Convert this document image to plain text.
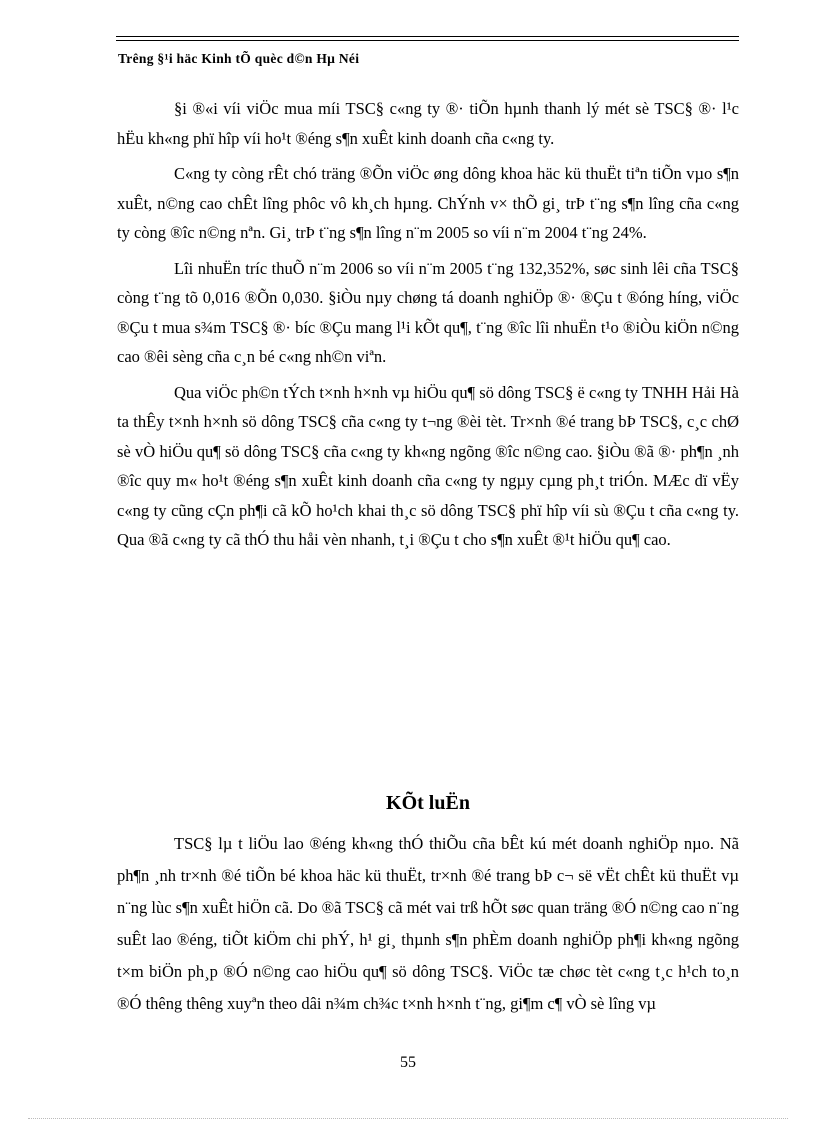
Trêng §¹i häc Kinh tÕ quèc d©n Hµ Néi

§i ®«i víi viÖc mua míi TSC§ c«ng ty ®· tiÕn hµnh thanh lý mét sè TSC§ ®· l¹c hËu kh«ng phï hîp víi ho¹t ®éng s¶n xuÊt kinh doanh cña c«ng ty.

C«ng ty còng rÊt chó träng ®Õn viÖc øng dông khoa häc kü thuËt tiªn tiÕn vµo s¶n xuÊt, n©ng cao chÊt lîng phôc vô kh¸ch hµng. ChÝnh v× thÕ gi¸ trÞ t¨ng s¶n lîng cña c«ng ty còng ®îc n©ng nªn. Gi¸ trÞ t¨ng s¶n lîng n¨m 2005 so víi n¨m 2004 t¨ng 24%.

Lîi nhuËn tríc thuÕ n¨m 2006 so víi n¨m 2005 t¨ng 132,352%, søc sinh lêi cña TSC§ còng t¨ng tõ 0,016 ®Õn 0,030. §iÒu nµy chøng tá doanh nghiÖp ®· ®Çu t ®óng híng, viÖc ®Çu t mua s¾m TSC§ ®· bíc ®Çu mang l¹i kÕt qu¶, t¨ng ®îc lîi nhuËn t¹o ®iÒu kiÖn n©ng cao ®êi sèng cña c¸n bé c«ng nh©n viªn.

Qua viÖc ph©n tÝch t×nh h×nh vµ hiÖu qu¶ sö dông TSC§ ë c«ng ty TNHH Hải Hà ta thÊy t×nh h×nh sö dông TSC§ cña c«ng ty t¬ng ®èi tèt. Tr×nh ®é trang bÞ TSC§, c¸c chØ sè vÒ hiÖu qu¶ sö dông TSC§ cña c«ng ty kh«ng ngõng ®îc n©ng cao. §iÒu ®ã ®· ph¶n ¸nh ®îc quy m« ho¹t ®éng s¶n xuÊt kinh doanh cña c«ng ty ngµy cµng ph¸t triÓn. MÆc dï vËy c«ng ty cũng cÇn ph¶i cã kÕ ho¹ch khai th¸c sö dông TSC§ phï hîp víi sù ®Çu t cña c«ng ty. Qua ®ã c«ng ty cã thÓ thu håi vèn nhanh, t¸i ®Çu t cho s¶n xuÊt ®¹t hiÖu qu¶ cao.

KÕt luËn

TSC§ lµ t liÖu lao ®éng kh«ng thÓ thiÕu cña bÊt kú mét doanh nghiÖp nµo. Nã ph¶n ¸nh tr×nh ®é tiÕn bé khoa häc kü thuËt, tr×nh ®é trang bÞ c¬ së vËt chÊt kü thuËt vµ n¨ng lùc s¶n xuÊt hiÖn cã. Do ®ã TSC§ cã mét vai trß hÕt søc quan träng ®Ó n©ng cao n¨ng suÊt lao ®éng, tiÕt kiÖm chi phÝ, h¹ gi¸ thµnh s¶n phÈm doanh nghiÖp ph¶i kh«ng ngõng t×m biÖn ph¸p ®Ó n©ng cao hiÖu qu¶ sö dông TSC§. ViÖc tæ chøc tèt c«ng t¸c h¹ch to¸n ®Ó thêng thêng xuyªn theo dâi n¾m ch¾c t×nh h×nh t¨ng, gi¶m c¶ vÒ sè lîng vµ

55
